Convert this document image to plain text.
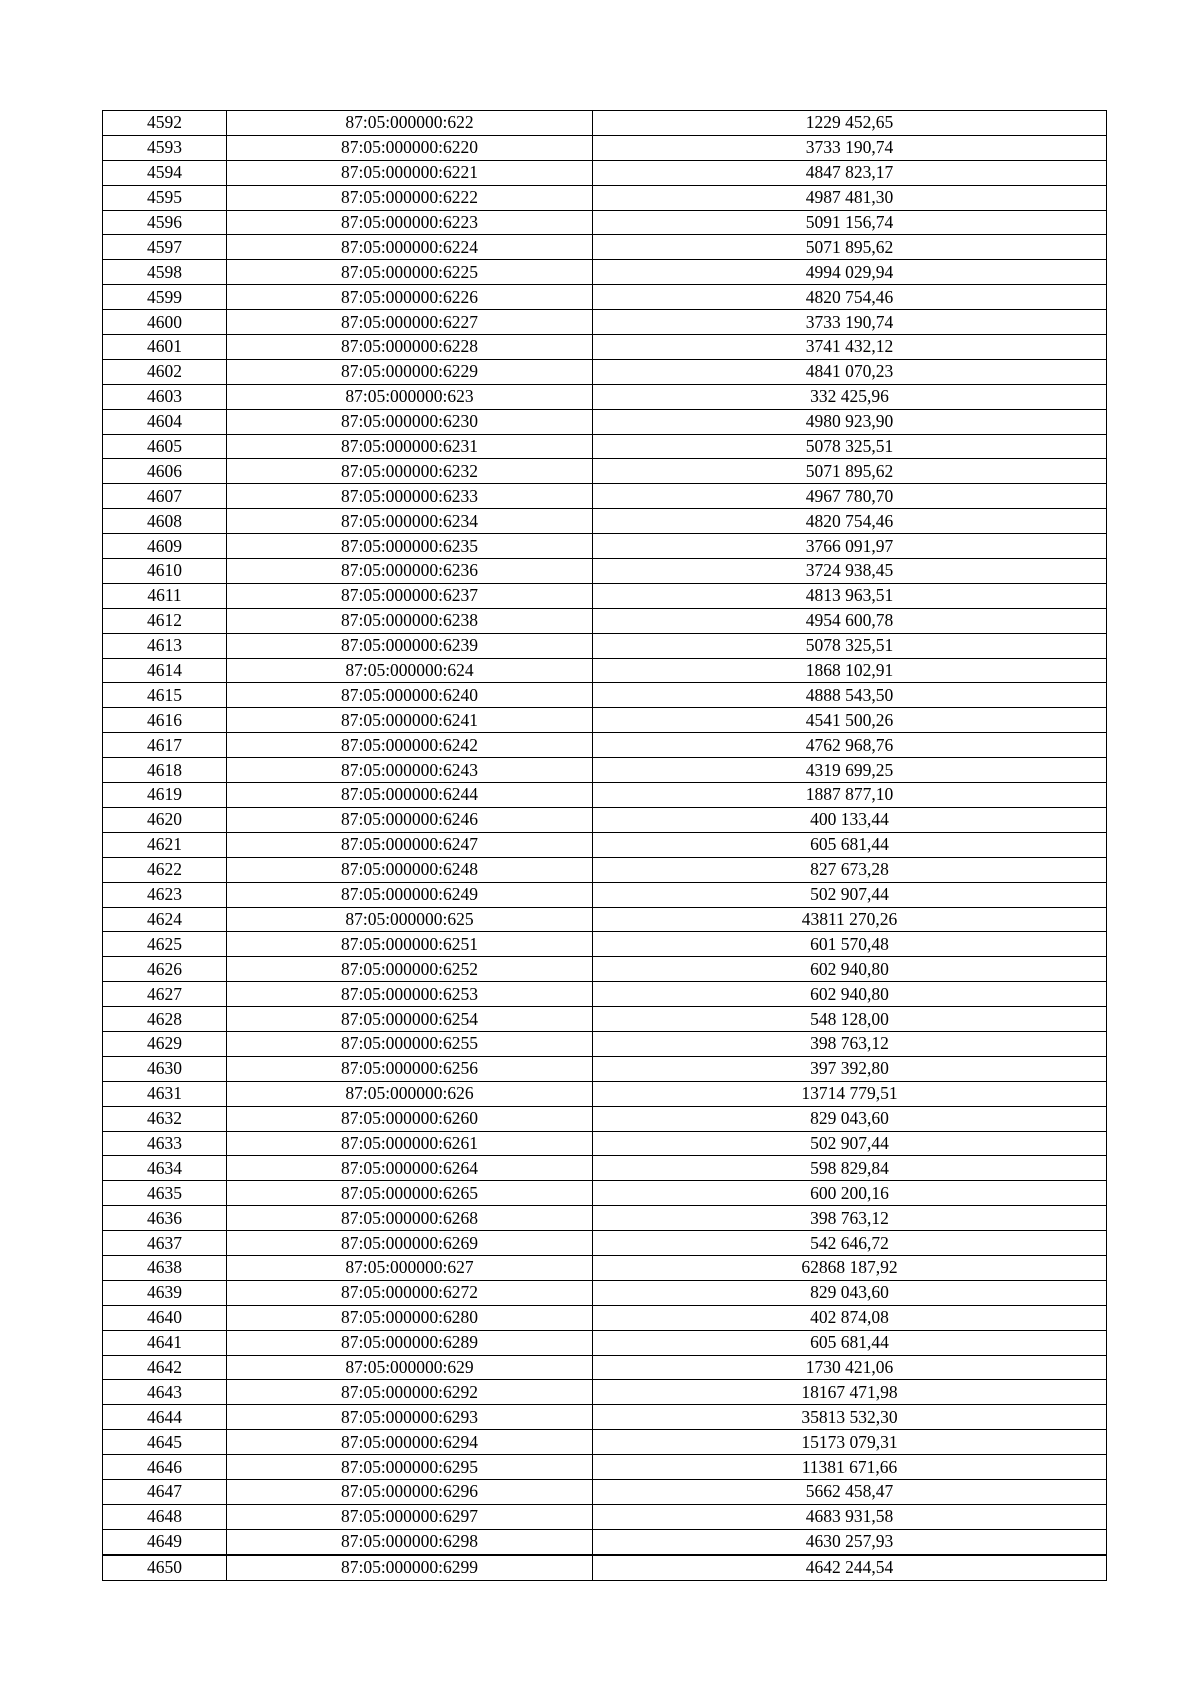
4592	87:05:000000:622	1229 452,65
4593	87:05:000000:6220	3733 190,74
4594	87:05:000000:6221	4847 823,17
4595	87:05:000000:6222	4987 481,30
4596	87:05:000000:6223	5091 156,74
4597	87:05:000000:6224	5071 895,62
4598	87:05:000000:6225	4994 029,94
4599	87:05:000000:6226	4820 754,46
4600	87:05:000000:6227	3733 190,74
4601	87:05:000000:6228	3741 432,12
4602	87:05:000000:6229	4841 070,23
4603	87:05:000000:623	332 425,96
4604	87:05:000000:6230	4980 923,90
4605	87:05:000000:6231	5078 325,51
4606	87:05:000000:6232	5071 895,62
4607	87:05:000000:6233	4967 780,70
4608	87:05:000000:6234	4820 754,46
4609	87:05:000000:6235	3766 091,97
4610	87:05:000000:6236	3724 938,45
4611	87:05:000000:6237	4813 963,51
4612	87:05:000000:6238	4954 600,78
4613	87:05:000000:6239	5078 325,51
4614	87:05:000000:624	1868 102,91
4615	87:05:000000:6240	4888 543,50
4616	87:05:000000:6241	4541 500,26
4617	87:05:000000:6242	4762 968,76
4618	87:05:000000:6243	4319 699,25
4619	87:05:000000:6244	1887 877,10
4620	87:05:000000:6246	400 133,44
4621	87:05:000000:6247	605 681,44
4622	87:05:000000:6248	827 673,28
4623	87:05:000000:6249	502 907,44
4624	87:05:000000:625	43811 270,26
4625	87:05:000000:6251	601 570,48
4626	87:05:000000:6252	602 940,80
4627	87:05:000000:6253	602 940,80
4628	87:05:000000:6254	548 128,00
4629	87:05:000000:6255	398 763,12
4630	87:05:000000:6256	397 392,80
4631	87:05:000000:626	13714 779,51
4632	87:05:000000:6260	829 043,60
4633	87:05:000000:6261	502 907,44
4634	87:05:000000:6264	598 829,84
4635	87:05:000000:6265	600 200,16
4636	87:05:000000:6268	398 763,12
4637	87:05:000000:6269	542 646,72
4638	87:05:000000:627	62868 187,92
4639	87:05:000000:6272	829 043,60
4640	87:05:000000:6280	402 874,08
4641	87:05:000000:6289	605 681,44
4642	87:05:000000:629	1730 421,06
4643	87:05:000000:6292	18167 471,98
4644	87:05:000000:6293	35813 532,30
4645	87:05:000000:6294	15173 079,31
4646	87:05:000000:6295	11381 671,66
4647	87:05:000000:6296	5662 458,47
4648	87:05:000000:6297	4683 931,58
4649	87:05:000000:6298	4630 257,93
4650	87:05:000000:6299	4642 244,54
